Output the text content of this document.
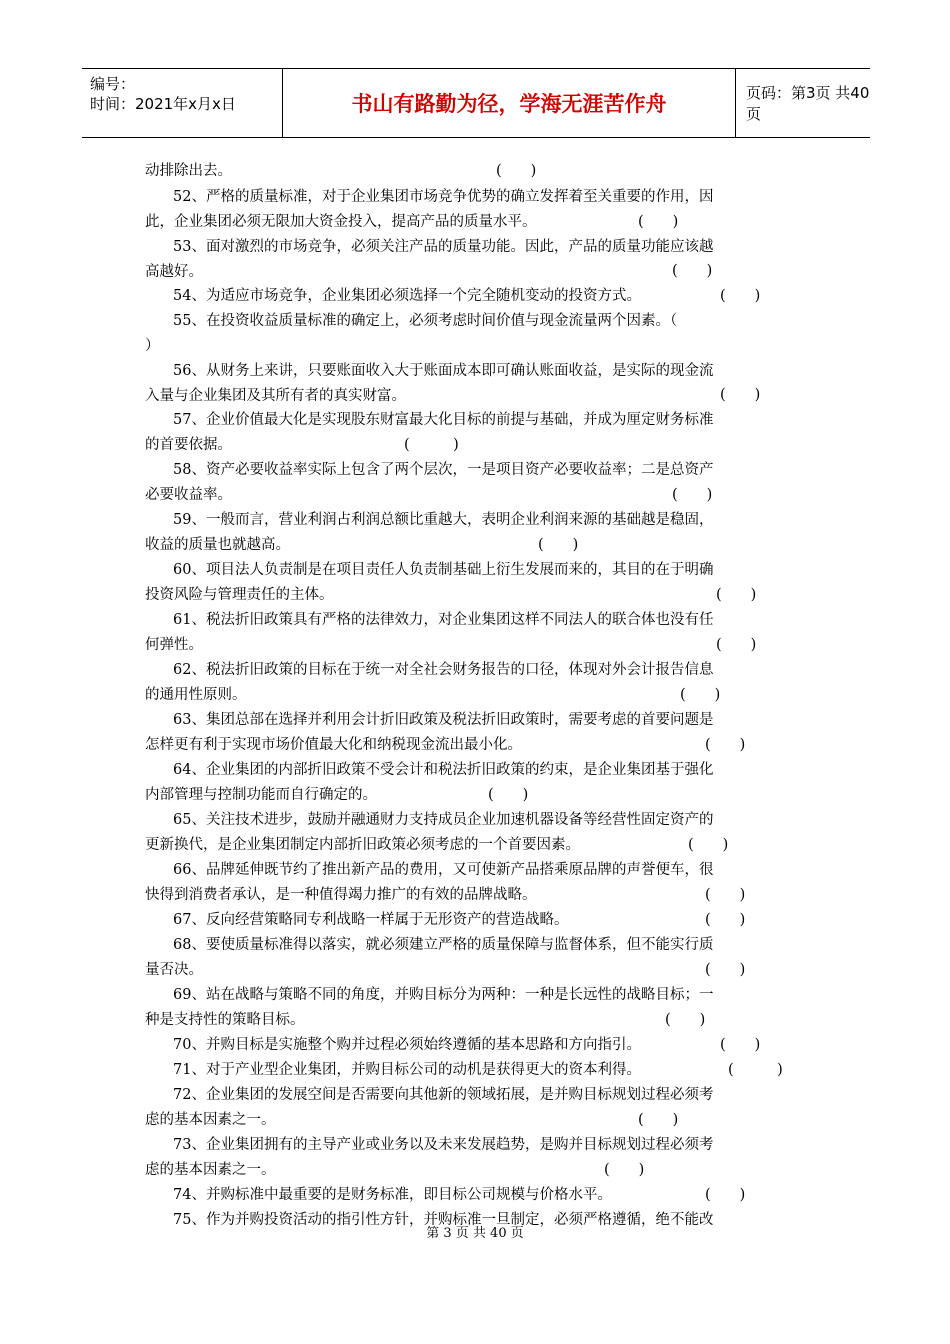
编号：
时间：2021年x月x日	书山有路勤为径，学海无涯苦作舟	页码：第3页 共40页
动排除出去。	(　　)
52、严格的质量标准，对于企业集团市场竞争优势的确立发挥着至关重要的作用，因
此，企业集团必须无限加大资金投入，提高产品的质量水平。	(　　)
53、面对激烈的市场竞争，必须关注产品的质量功能。因此，产品的质量功能应该越
高越好。	(　　)
54、为适应市场竞争，企业集团必须选择一个完全随机变动的投资方式。	(　　)
55、在投资收益质量标准的确定上，必须考虑时间价值与现金流量两个因素。（
）
56、从财务上来讲，只要账面收入大于账面成本即可确认账面收益，是实际的现金流
入量与企业集团及其所有者的真实财富。	(　　)
57、企业价值最大化是实现股东财富最大化目标的前提与基础，并成为厘定财务标准
的首要依据。	(　　　)
58、资产必要收益率实际上包含了两个层次，一是项目资产必要收益率；二是总资产
必要收益率。	(　　)
59、一般而言，营业利润占利润总额比重越大，表明企业利润来源的基础越是稳固，
收益的质量也就越高。	(　　)
60、项目法人负责制是在项目责任人负责制基础上衍生发展而来的，其目的在于明确
投资风险与管理责任的主体。	(　　)
61、税法折旧政策具有严格的法律效力，对企业集团这样不同法人的联合体也没有任
何弹性。	(　　)
62、税法折旧政策的目标在于统一对全社会财务报告的口径，体现对外会计报告信息
的通用性原则。	(　　)
63、集团总部在选择并利用会计折旧政策及税法折旧政策时，需要考虑的首要问题是
怎样更有利于实现市场价值最大化和纳税现金流出最小化。	(　　)
64、企业集团的内部折旧政策不受会计和税法折旧政策的约束，是企业集团基于强化
内部管理与控制功能而自行确定的。	(　　)
65、关注技术进步，鼓励并融通财力支持成员企业加速机器设备等经营性固定资产的
更新换代，是企业集团制定内部折旧政策必须考虑的一个首要因素。	(　　)
66、品牌延伸既节约了推出新产品的费用，又可使新产品搭乘原品牌的声誉便车，很
快得到消费者承认，是一种值得竭力推广的有效的品牌战略。	(　　)
67、反向经营策略同专利战略一样属于无形资产的营造战略。	(　　)
68、要使质量标准得以落实，就必须建立严格的质量保障与监督体系，但不能实行质
量否决。	(　　)
69、站在战略与策略不同的角度，并购目标分为两种：一种是长远性的战略目标；一
种是支持性的策略目标。	(　　)
70、并购目标是实施整个购并过程必须始终遵循的基本思路和方向指引。	(　　)
71、对于产业型企业集团，并购目标公司的动机是获得更大的资本利得。	(　　　)
72、企业集团的发展空间是否需要向其他新的领域拓展，是并购目标规划过程必须考
虑的基本因素之一。	(　　)
73、企业集团拥有的主导产业或业务以及未来发展趋势，是购并目标规划过程必须考
虑的基本因素之一。	(　　)
74、并购标准中最重要的是财务标准，即目标公司规模与价格水平。	(　　)
75、作为并购投资活动的指引性方针，并购标准一旦制定，必须严格遵循，绝不能改
第 3 页 共 40 页
